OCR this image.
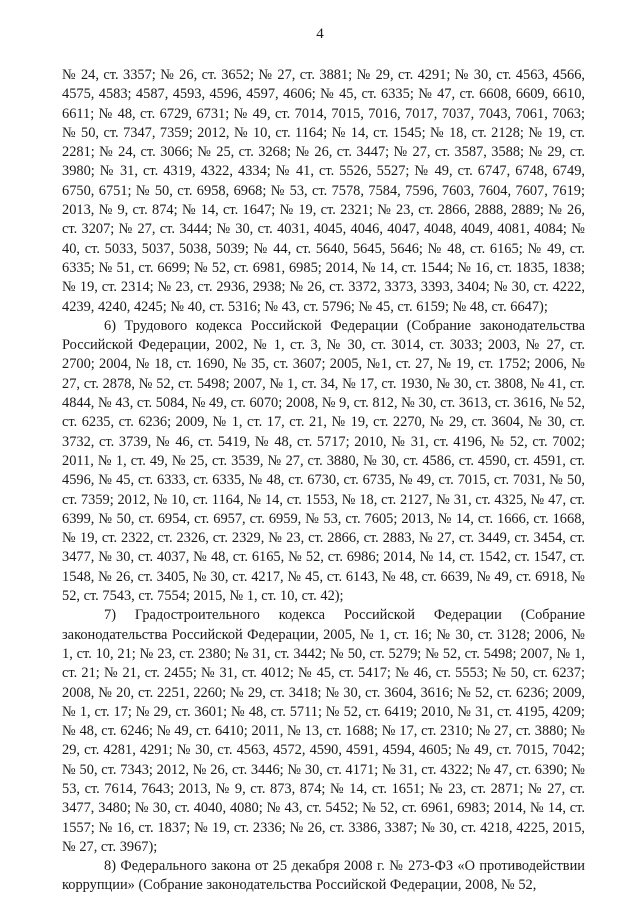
4

№ 24, ст. 3357; № 26, ст. 3652; № 27, ст. 3881; № 29, ст. 4291; № 30, ст. 4563, 4566, 4575, 4583; 4587, 4593, 4596, 4597, 4606; № 45, ст. 6335; № 47, ст. 6608, 6609, 6610, 6611; № 48, ст. 6729, 6731; № 49, ст. 7014, 7015, 7016, 7017, 7037, 7043, 7061, 7063; № 50, ст. 7347, 7359; 2012, № 10, ст. 1164; № 14, ст. 1545; № 18, ст. 2128; № 19, ст. 2281; № 24, ст. 3066; № 25, ст. 3268; № 26, ст. 3447; № 27, ст. 3587, 3588; № 29, ст. 3980; № 31, ст. 4319, 4322, 4334; № 41, ст. 5526, 5527; № 49, ст. 6747, 6748, 6749, 6750, 6751; № 50, ст. 6958, 6968; № 53, ст. 7578, 7584, 7596, 7603, 7604, 7607, 7619; 2013, № 9, ст. 874; № 14, ст. 1647; № 19, ст. 2321; № 23, ст. 2866, 2888, 2889; № 26, ст. 3207; № 27, ст. 3444; № 30, ст. 4031, 4045, 4046, 4047, 4048, 4049, 4081, 4084; № 40, ст. 5033, 5037, 5038, 5039; № 44, ст. 5640, 5645, 5646; № 48, ст. 6165; № 49, ст. 6335; № 51, ст. 6699; № 52, ст. 6981, 6985; 2014, № 14, ст. 1544; № 16, ст. 1835, 1838; № 19, ст. 2314; № 23, ст. 2936, 2938; № 26, ст. 3372, 3373, 3393, 3404; № 30, ст. 4222, 4239, 4240, 4245; № 40, ст. 5316; № 43, ст. 5796; № 45, ст. 6159; № 48, ст. 6647);

6) Трудового кодекса Российской Федерации (Собрание законодательства Российской Федерации, 2002, № 1, ст. 3, № 30, ст. 3014, ст. 3033; 2003, № 27, ст. 2700; 2004, № 18, ст. 1690, № 35, ст. 3607; 2005, №1, ст. 27, № 19, ст. 1752; 2006, № 27, ст. 2878, № 52, ст. 5498; 2007, № 1, ст. 34, № 17, ст. 1930, № 30, ст. 3808, № 41, ст. 4844, № 43, ст. 5084, № 49, ст. 6070; 2008, № 9, ст. 812, № 30, ст. 3613, ст. 3616, № 52, ст. 6235, ст. 6236; 2009, № 1, ст. 17, ст. 21, № 19, ст. 2270, № 29, ст. 3604, № 30, ст. 3732, ст. 3739, № 46, ст. 5419, № 48, ст. 5717; 2010, № 31, ст. 4196, № 52, ст. 7002; 2011, № 1, ст. 49, № 25, ст. 3539, № 27, ст. 3880, № 30, ст. 4586, ст. 4590, ст. 4591, ст. 4596, № 45, ст. 6333, ст. 6335, № 48, ст. 6730, ст. 6735, № 49, ст. 7015, ст. 7031, № 50, ст. 7359; 2012, № 10, ст. 1164, № 14, ст. 1553, № 18, ст. 2127, № 31, ст. 4325, № 47, ст. 6399, № 50, ст. 6954, ст. 6957, ст. 6959, № 53, ст. 7605; 2013, № 14, ст. 1666, ст. 1668, № 19, ст. 2322, ст. 2326, ст. 2329, № 23, ст. 2866, ст. 2883, № 27, ст. 3449, ст. 3454, ст. 3477, № 30, ст. 4037, № 48, ст. 6165, № 52, ст. 6986; 2014, № 14, ст. 1542, ст. 1547, ст. 1548, № 26, ст. 3405, № 30, ст. 4217, № 45, ст. 6143, № 48, ст. 6639, № 49, ст. 6918, № 52, ст. 7543, ст. 7554; 2015, № 1, ст. 10, ст. 42);

7) Градостроительного кодекса Российской Федерации (Собрание законодательства Российской Федерации, 2005, № 1, ст. 16; № 30, ст. 3128; 2006, № 1, ст. 10, 21; № 23, ст. 2380; № 31, ст. 3442; № 50, ст. 5279; № 52, ст. 5498; 2007, № 1, ст. 21; № 21, ст. 2455; № 31, ст. 4012; № 45, ст. 5417; № 46, ст. 5553; № 50, ст. 6237; 2008, № 20, ст. 2251, 2260; № 29, ст. 3418; № 30, ст. 3604, 3616; № 52, ст. 6236; 2009, № 1, ст. 17; № 29, ст. 3601; № 48, ст. 5711; № 52, ст. 6419; 2010, № 31, ст. 4195, 4209; № 48, ст. 6246; № 49, ст. 6410; 2011, № 13, ст. 1688; № 17, ст. 2310; № 27, ст. 3880; № 29, ст. 4281, 4291; № 30, ст. 4563, 4572, 4590, 4591, 4594, 4605; № 49, ст. 7015, 7042; № 50, ст. 7343; 2012, № 26, ст. 3446; № 30, ст. 4171; № 31, ст. 4322; № 47, ст. 6390; № 53, ст. 7614, 7643; 2013, № 9, ст. 873, 874; № 14, ст. 1651; № 23, ст. 2871; № 27, ст. 3477, 3480; № 30, ст. 4040, 4080; № 43, ст. 5452; № 52, ст. 6961, 6983; 2014, № 14, ст. 1557; № 16, ст. 1837; № 19, ст. 2336; № 26, ст. 3386, 3387; № 30, ст. 4218, 4225, 2015, № 27, ст. 3967);

8) Федерального закона от 25 декабря 2008 г. № 273-ФЗ «О противодействии коррупции» (Собрание законодательства Российской Федерации, 2008, № 52,
